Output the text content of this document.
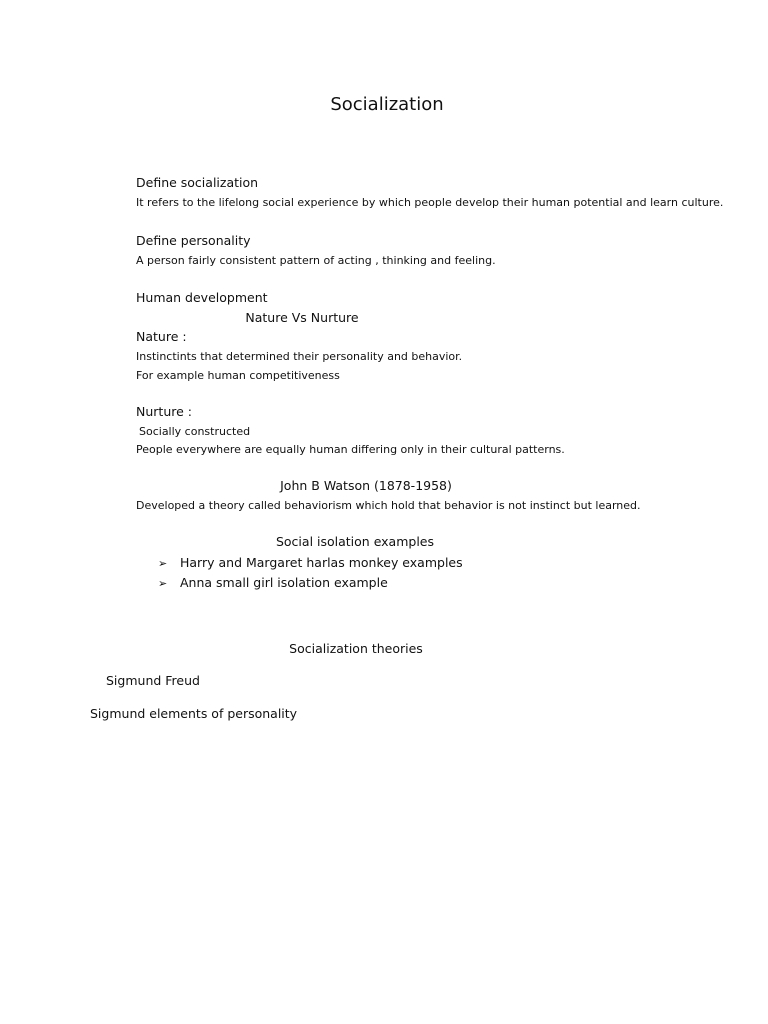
Socialization
Define socialization
It refers to the lifelong social experience by which people develop their human potential and learn culture.
Define personality
A person fairly consistent pattern of acting , thinking and feeling.
Human development
Nature Vs Nurture
Nature :
Instinctints that determined their personality and behavior.
For example human competitiveness
Nurture :
Socially constructed
People everywhere are equally human differing only in their cultural patterns.
John B Watson (1878-1958)
Developed a theory called behaviorism which hold that behavior is not instinct but learned.
Social isolation examples
➢	Harry and Margaret harlas monkey examples
➢	Anna small girl isolation example
Socialization theories
Sigmund Freud
Sigmund elements of personality
